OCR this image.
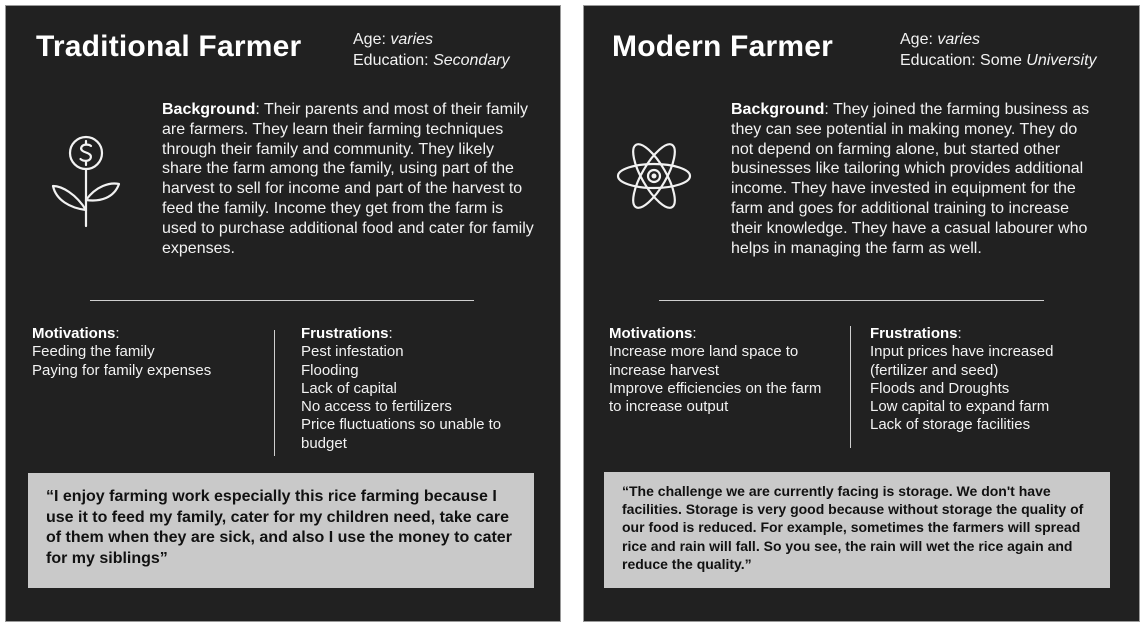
Traditional Farmer	Age: varies
Education: Secondary
Background: Their parents and most of their family are farmers. They learn their farming techniques through their family and community. They likely share the farm among the family, using part of the harvest to sell for income and part of the harvest to feed the family. Income they get from the farm is used to purchase additional food and cater for family expenses.
Motivations:
Feeding the family
Paying for family expenses
Frustrations:
Pest infestation
Flooding
Lack of capital
No access to fertilizers
Price fluctuations so unable to budget
“I enjoy farming work especially this rice farming because I use it to feed my family, cater for my children need, take care of them when they are sick, and also I use the money to cater for my siblings”
Modern Farmer	Age: varies
Education: Some University
Background: They joined the farming business as they can see potential in making money. They do not depend on farming alone, but started other businesses like tailoring which provides additional income. They have invested in equipment for the farm and goes for additional training to increase their knowledge. They have a casual labourer who helps in managing the farm as well.
Motivations:
Increase more land space to increase harvest
Improve efficiencies on the farm to increase output
Frustrations:
Input prices have increased (fertilizer and seed)
Floods and Droughts
Low capital to expand farm
Lack of storage facilities
“The challenge we are currently facing is storage. We don't have facilities. Storage is very good because without storage the quality of our food is reduced. For example, sometimes the farmers will spread rice and rain will fall. So you see, the rain will wet the rice again and reduce the quality.”
